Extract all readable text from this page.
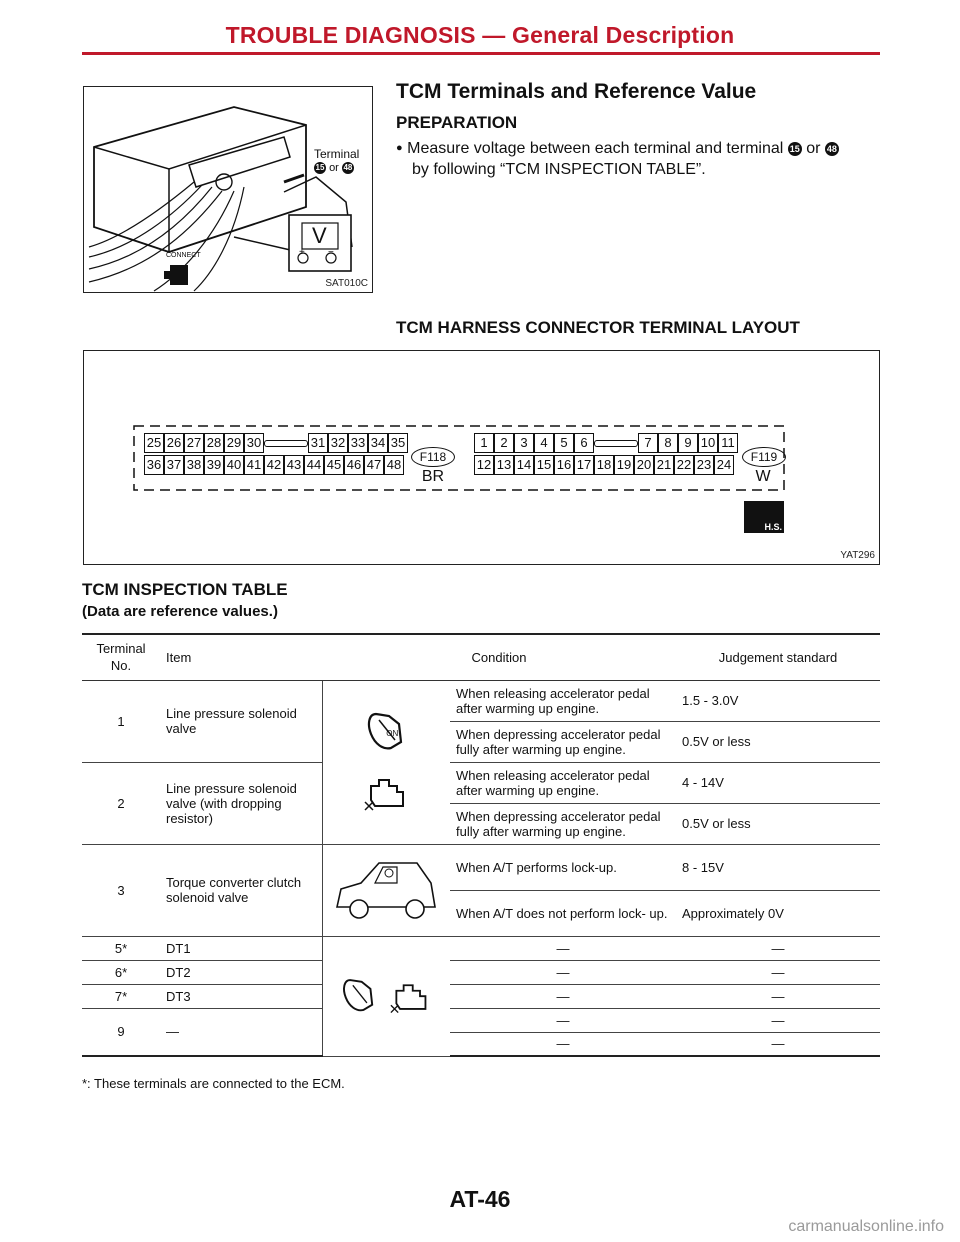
TROUBLE DIAGNOSIS — General Description
Terminal
15 or 48
V
+ −
CONNECT
SAT010C
TCM Terminals and Reference Value
PREPARATION
● Measure voltage between each terminal and terminal 15 or 48
by following “TCM INSPECTION TABLE”.
TCM HARNESS CONNECTOR TERMINAL LAYOUT
25 26 27 28 29 30	31 32 33 34 35
36 37 38 39 40 41 42 43 44 45 46 47 48
1 2 3 4 5 6	7 8 9 10 11
12 13 14 15 16 17 18 19 20 21 22 23 24
F118
BR
F119
W
H.S.
YAT296
TCM INSPECTION TABLE
(Data are reference values.)
Terminal No.	Item	Condition		Judgement standard
1	Line pressure solenoid valve	ON	When releasing accelerator pedal after warming up engine.	1.5 - 3.0V
			When depressing accelerator pedal fully after warming up engine.	0.5V or less
2	Line pressure solenoid valve (with dropping resistor)		When releasing accelerator pedal after warming up engine.	4 - 14V
			When depressing accelerator pedal fully after warming up engine.	0.5V or less
3	Torque converter clutch solenoid valve		When A/T performs lock-up.	8 - 15V
			When A/T does not perform lock- up.	Approximately 0V
5*	DT1		—	—
6*	DT2		—	—
7*	DT3		—	—
9	—		—	—
			—	—
*: These terminals are connected to the ECM.
AT-46
carmanualsonline.info
